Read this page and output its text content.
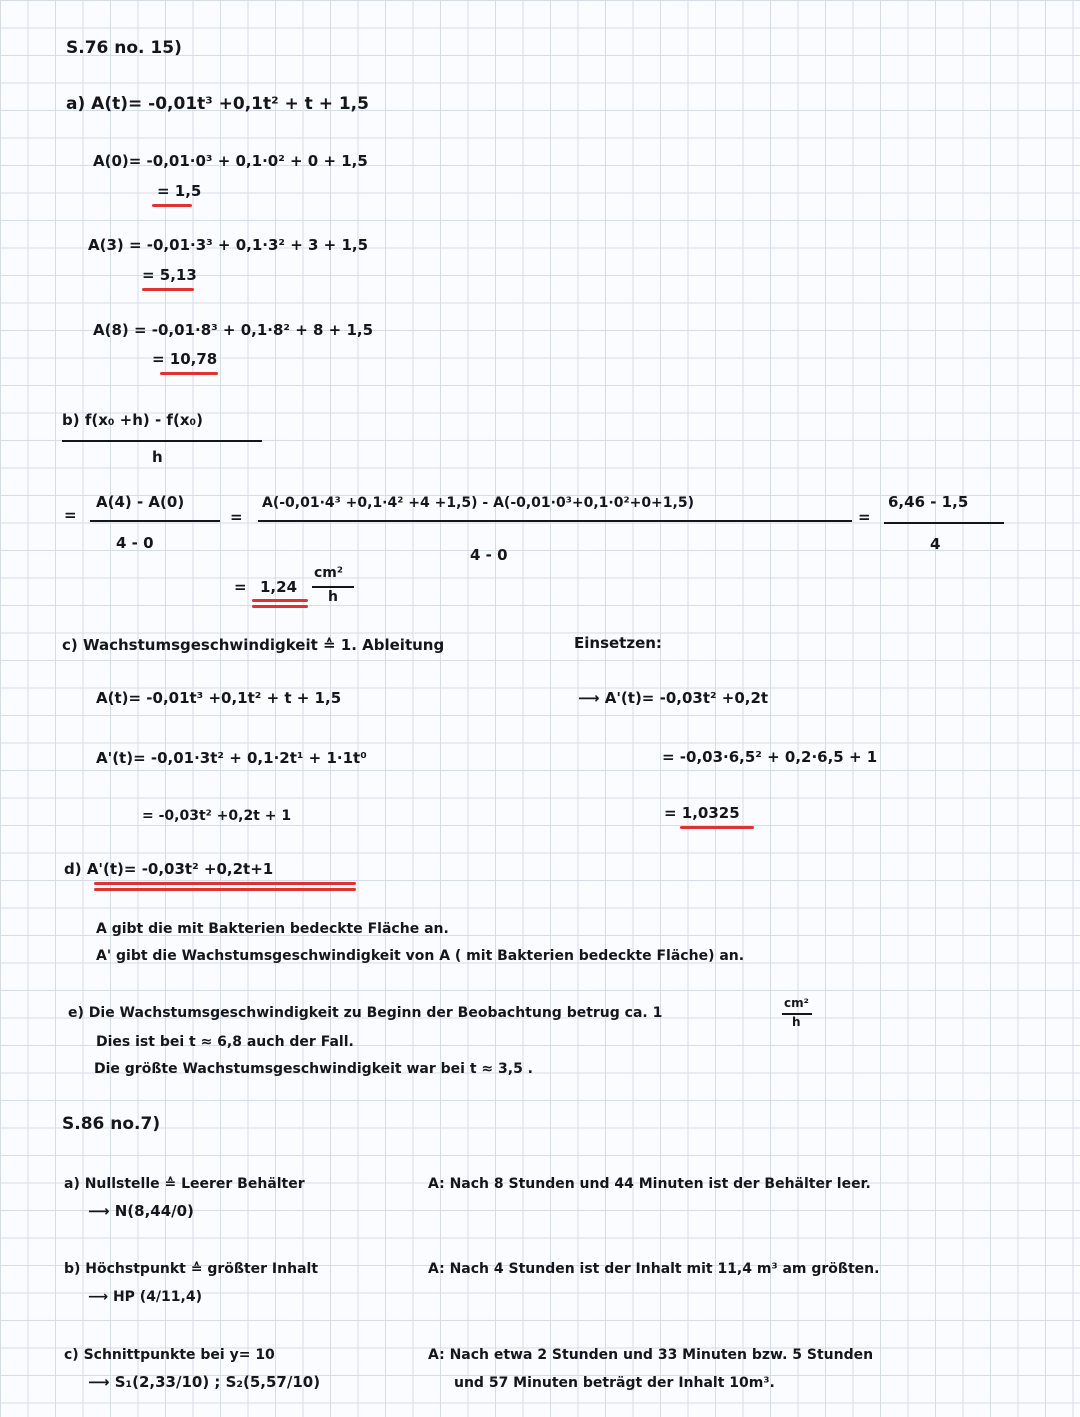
S.76 no. 15)
a) A(t)= -0,01t³ +0,1t² + t + 1,5
A(0)= -0,01·0³ + 0,1·0² + 0 + 1,5
= 1,5
A(3) = -0,01·3³ + 0,1·3² + 3 + 1,5
= 5,13
A(8) = -0,01·8³ + 0,1·8² + 8 + 1,5
= 10,78
b) f(x₀ +h) - f(x₀)
h
=
A(4) - A(0)
4 - 0
=
A(-0,01·4³ +0,1·4² +4 +1,5) - A(-0,01·0³+0,1·0²+0+1,5)
4 - 0
=
6,46 - 1,5
4
= 1,24
cm²
h
c) Wachstumsgeschwindigkeit ≙ 1. Ableitung
A(t)= -0,01t³ +0,1t² + t + 1,5
A'(t)= -0,01·3t² + 0,1·2t¹ + 1·1t⁰
= -0,03t² +0,2t + 1
Einsetzen:
⟶ A'(t)= -0,03t² +0,2t
= -0,03·6,5² + 0,2·6,5 + 1
= 1,0325
d) A'(t)= -0,03t² +0,2t+1
A gibt die mit Bakterien bedeckte Fläche an.
A' gibt die Wachstumsgeschwindigkeit von A ( mit Bakterien bedeckte Fläche) an.
e) Die Wachstumsgeschwindigkeit zu Beginn der Beobachtung betrug ca. 1
cm²
h
Dies ist bei t ≈ 6,8 auch der Fall.
Die größte Wachstumsgeschwindigkeit war bei t ≈ 3,5 .
S.86 no.7)
a) Nullstelle ≙ Leerer Behälter
⟶ N(8,44/0)
A: Nach 8 Stunden und 44 Minuten ist der Behälter leer.
b) Höchstpunkt ≙ größter Inhalt
⟶ HP (4/11,4)
A: Nach 4 Stunden ist der Inhalt mit 11,4 m³ am größten.
c) Schnittpunkte bei y= 10
⟶ S₁(2,33/10) ; S₂(5,57/10)
A: Nach etwa 2 Stunden und 33 Minuten bzw. 5 Stunden
und 57 Minuten beträgt der Inhalt 10m³.
